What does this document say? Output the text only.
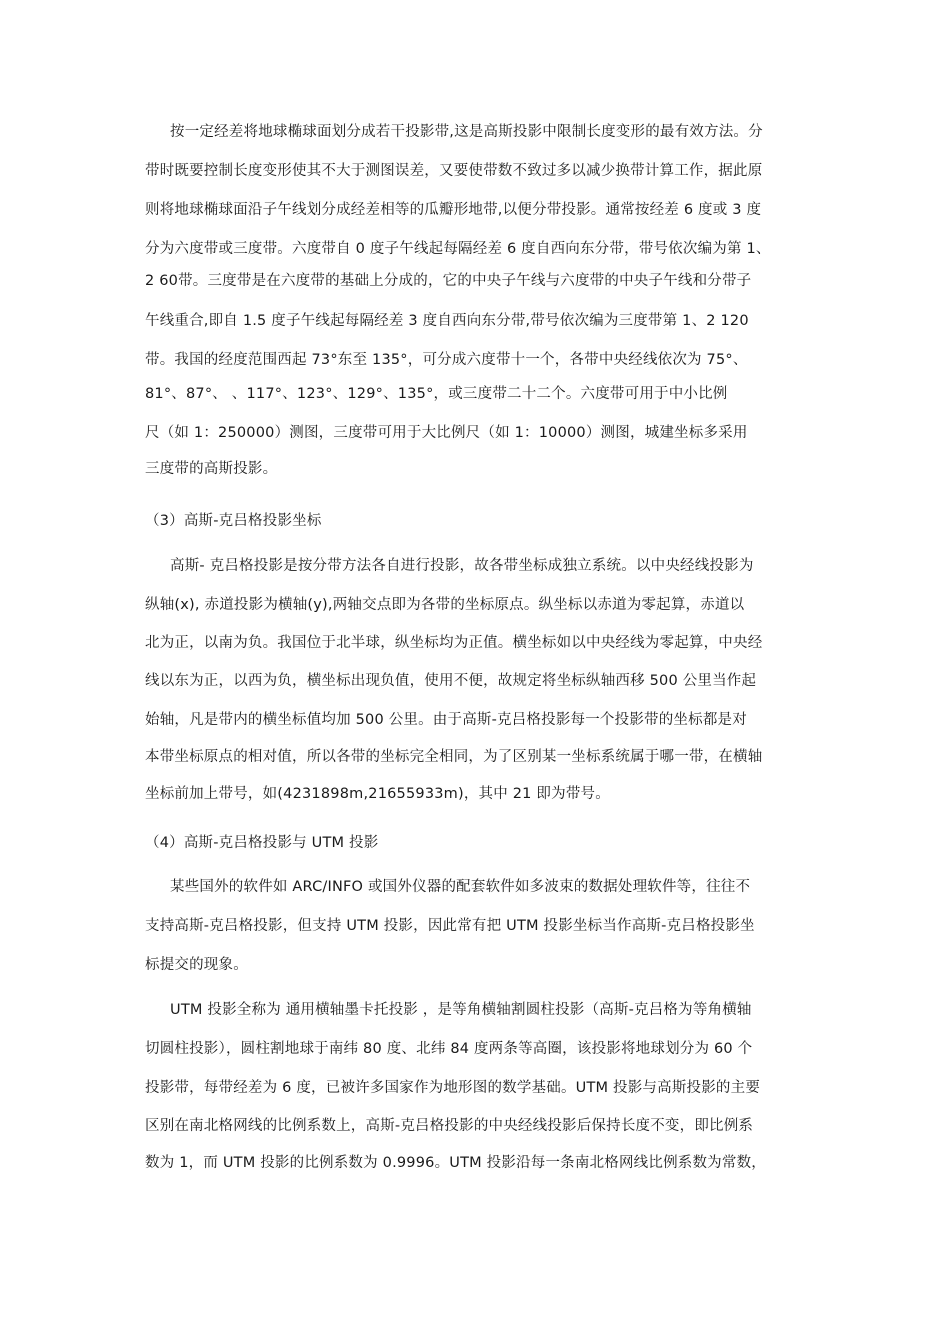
按一定经差将地球椭球面划分成若干投影带,这是高斯投影中限制长度变形的最有效方法。分
带时既要控制长度变形使其不大于测图误差，又要使带数不致过多以减少换带计算工作，据此原
则将地球椭球面沿子午线划分成经差相等的瓜瓣形地带,以便分带投影。通常按经差 6 度或 3 度
分为六度带或三度带。六度带自 0 度子午线起每隔经差 6 度自西向东分带，带号依次编为第 1、
2 60带。三度带是在六度带的基础上分成的，它的中央子午线与六度带的中央子午线和分带子
午线重合,即自 1.5 度子午线起每隔经差 3 度自西向东分带,带号依次编为三度带第 1、2 120
带。我国的经度范围西起 73°东至 135°，可分成六度带十一个，各带中央经线依次为 75°、
81°、87°、 、117°、123°、129°、135°，或三度带二十二个。六度带可用于中小比例
尺（如 1：250000）测图，三度带可用于大比例尺（如 1：10000）测图，城建坐标多采用
三度带的高斯投影。
（3）高斯-克吕格投影坐标
高斯- 克吕格投影是按分带方法各自进行投影，故各带坐标成独立系统。以中央经线投影为
纵轴(x), 赤道投影为横轴(y),两轴交点即为各带的坐标原点。纵坐标以赤道为零起算，赤道以
北为正，以南为负。我国位于北半球，纵坐标均为正值。横坐标如以中央经线为零起算，中央经
线以东为正，以西为负，横坐标出现负值，使用不便，故规定将坐标纵轴西移 500 公里当作起
始轴，凡是带内的横坐标值均加 500 公里。由于高斯-克吕格投影每一个投影带的坐标都是对
本带坐标原点的相对值，所以各带的坐标完全相同，为了区别某一坐标系统属于哪一带，在横轴
坐标前加上带号，如(4231898m,21655933m)，其中 21 即为带号。
（4）高斯-克吕格投影与 UTM 投影
某些国外的软件如 ARC/INFO 或国外仪器的配套软件如多波束的数据处理软件等，往往不
支持高斯-克吕格投影，但支持 UTM 投影，因此常有把 UTM 投影坐标当作高斯-克吕格投影坐
标提交的现象。
UTM 投影全称为 通用横轴墨卡托投影 ，是等角横轴割圆柱投影（高斯-克吕格为等角横轴
切圆柱投影），圆柱割地球于南纬 80 度、北纬 84 度两条等高圈，该投影将地球划分为 60 个
投影带，每带经差为 6 度，已被许多国家作为地形图的数学基础。UTM 投影与高斯投影的主要
区别在南北格网线的比例系数上，高斯-克吕格投影的中央经线投影后保持长度不变，即比例系
数为 1，而 UTM 投影的比例系数为 0.9996。UTM 投影沿每一条南北格网线比例系数为常数，
